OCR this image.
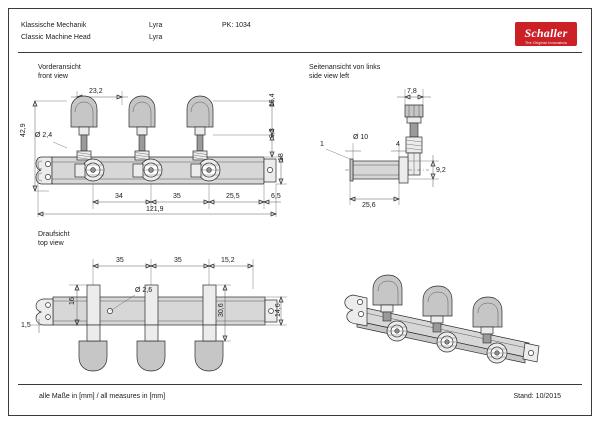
Klassische Mechanik
Classic Machine Head
Lyra
Lyra
PK: 1034
Schaller
The Original Innovators
Vorderansicht
front view
Seitenansicht von links
side view left
Draufsicht
top view
23,2
42,9 Ø 2,4
15,4
9,3
18
34	35	25,5	6,5
121,9
7,8
Ø 10
1	4
25,6
9,2
35	35	15,2
16
Ø 2,6
30,6
1,5
14,6
alle Maße in [mm] / all measures in [mm]	Stand: 10/2015
